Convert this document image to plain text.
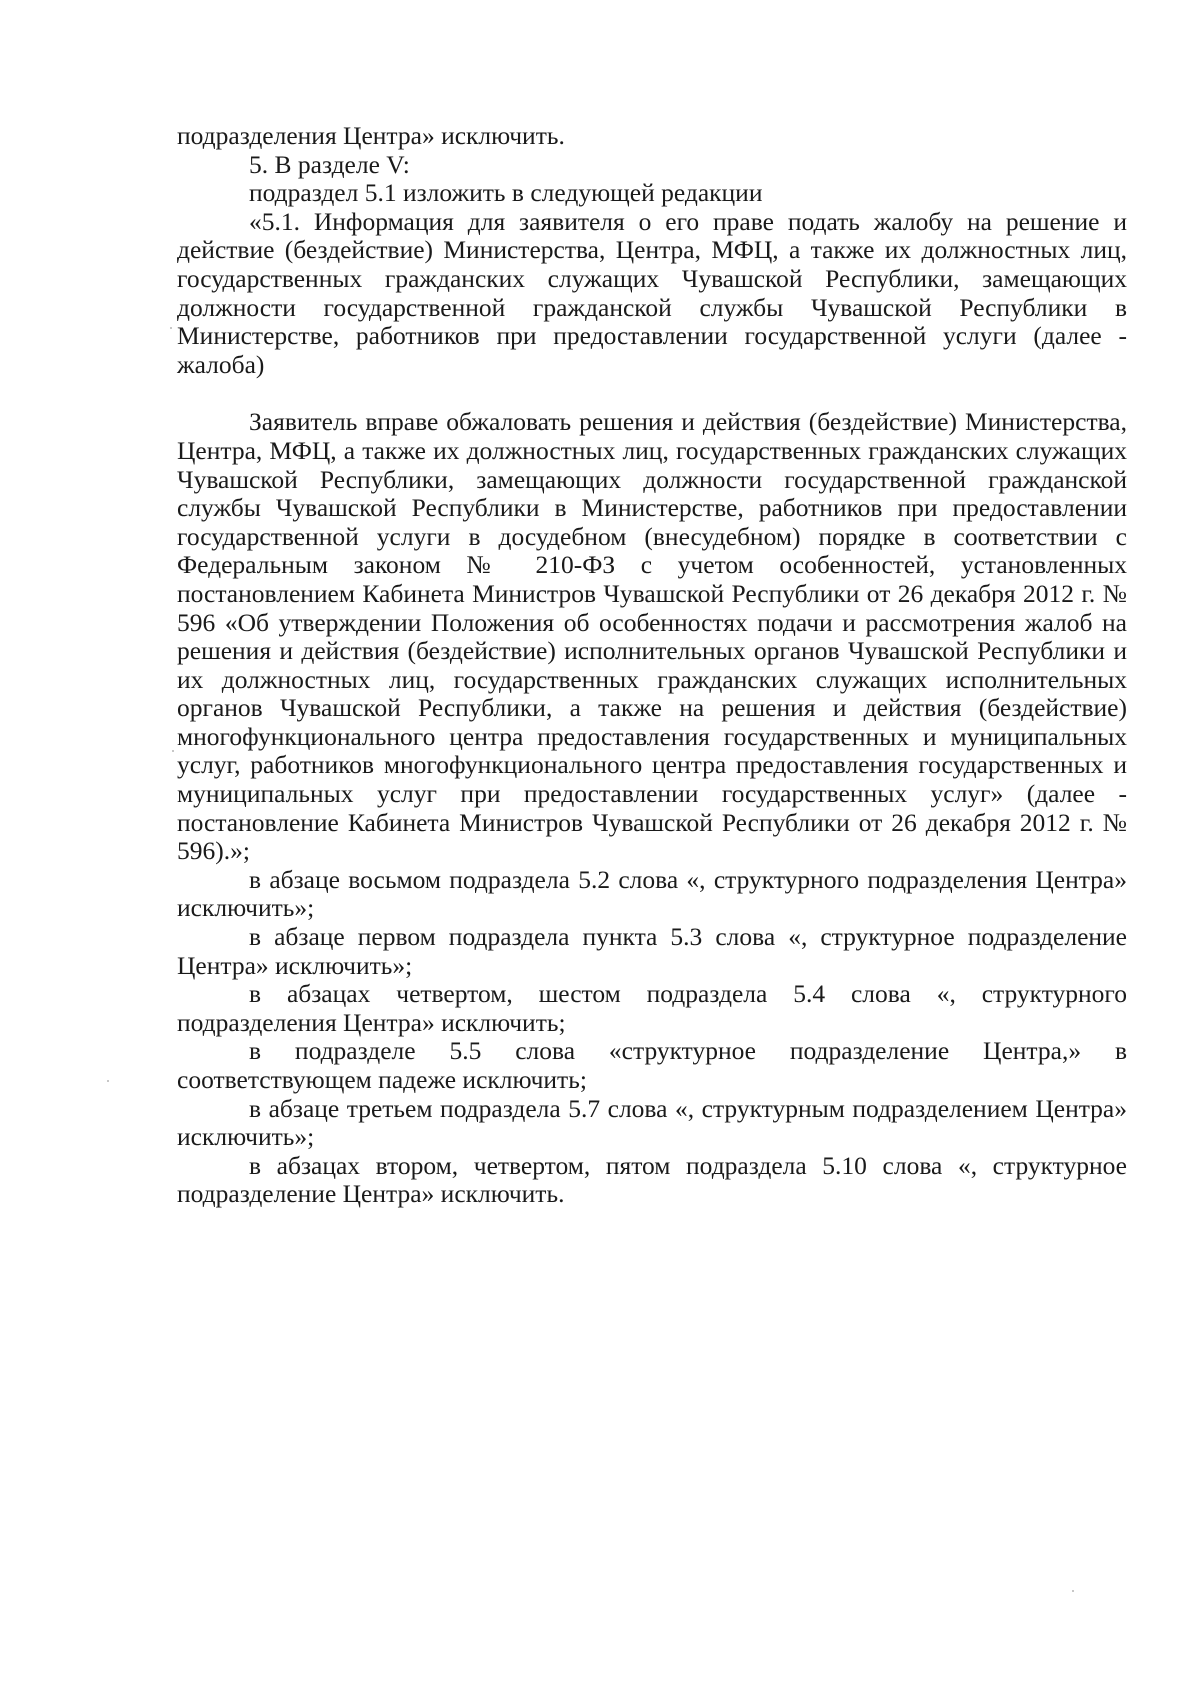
подразделения Центра» исключить.

5. В разделе V:

подраздел 5.1 изложить в следующей редакции

«5.1. Информация для заявителя о его праве подать жалобу на решение и действие (бездействие) Министерства, Центра, МФЦ, а также их должностных лиц, государственных гражданских служащих Чувашской Республики, замещающих должности государственной гражданской службы Чувашской Республики в Министерстве, работников при предоставлении государственной услуги (далее - жалоба)

Заявитель вправе обжаловать решения и действия (бездействие) Министерства, Центра, МФЦ, а также их должностных лиц, государственных гражданских служащих Чувашской Республики, замещающих должности государственной гражданской службы Чувашской Республики в Министерстве, работников при предоставлении государственной услуги в досудебном (внесудебном) порядке в соответствии с Федеральным законом № 210-ФЗ с учетом особенностей, установленных постановлением Кабинета Министров Чувашской Республики от 26 декабря 2012 г. № 596 «Об утверждении Положения об особенностях подачи и рассмотрения жалоб на решения и действия (бездействие) исполнительных органов Чувашской Республики и их должностных лиц, государственных гражданских служащих исполнительных органов Чувашской Республики, а также на решения и действия (бездействие) многофункционального центра предоставления государственных и муниципальных услуг, работников многофункционального центра предоставления государственных и муниципальных услуг при предоставлении государственных услуг» (далее - постановление Кабинета Министров Чувашской Республики от 26 декабря 2012 г. № 596).»;

в абзаце восьмом подраздела 5.2 слова «, структурного подразделения Центра» исключить»;

в абзаце первом подраздела пункта 5.3 слова «, структурное подразделение Центра» исключить»;

в абзацах четвертом, шестом подраздела 5.4 слова «, структурного подразделения Центра» исключить;

в подразделе 5.5 слова «структурное подразделение Центра,» в соответствующем падеже исключить;

в абзаце третьем подраздела 5.7 слова «, структурным подразделением Центра» исключить»;

в абзацах втором, четвертом, пятом подраздела 5.10 слова «, структурное подразделение Центра» исключить.
